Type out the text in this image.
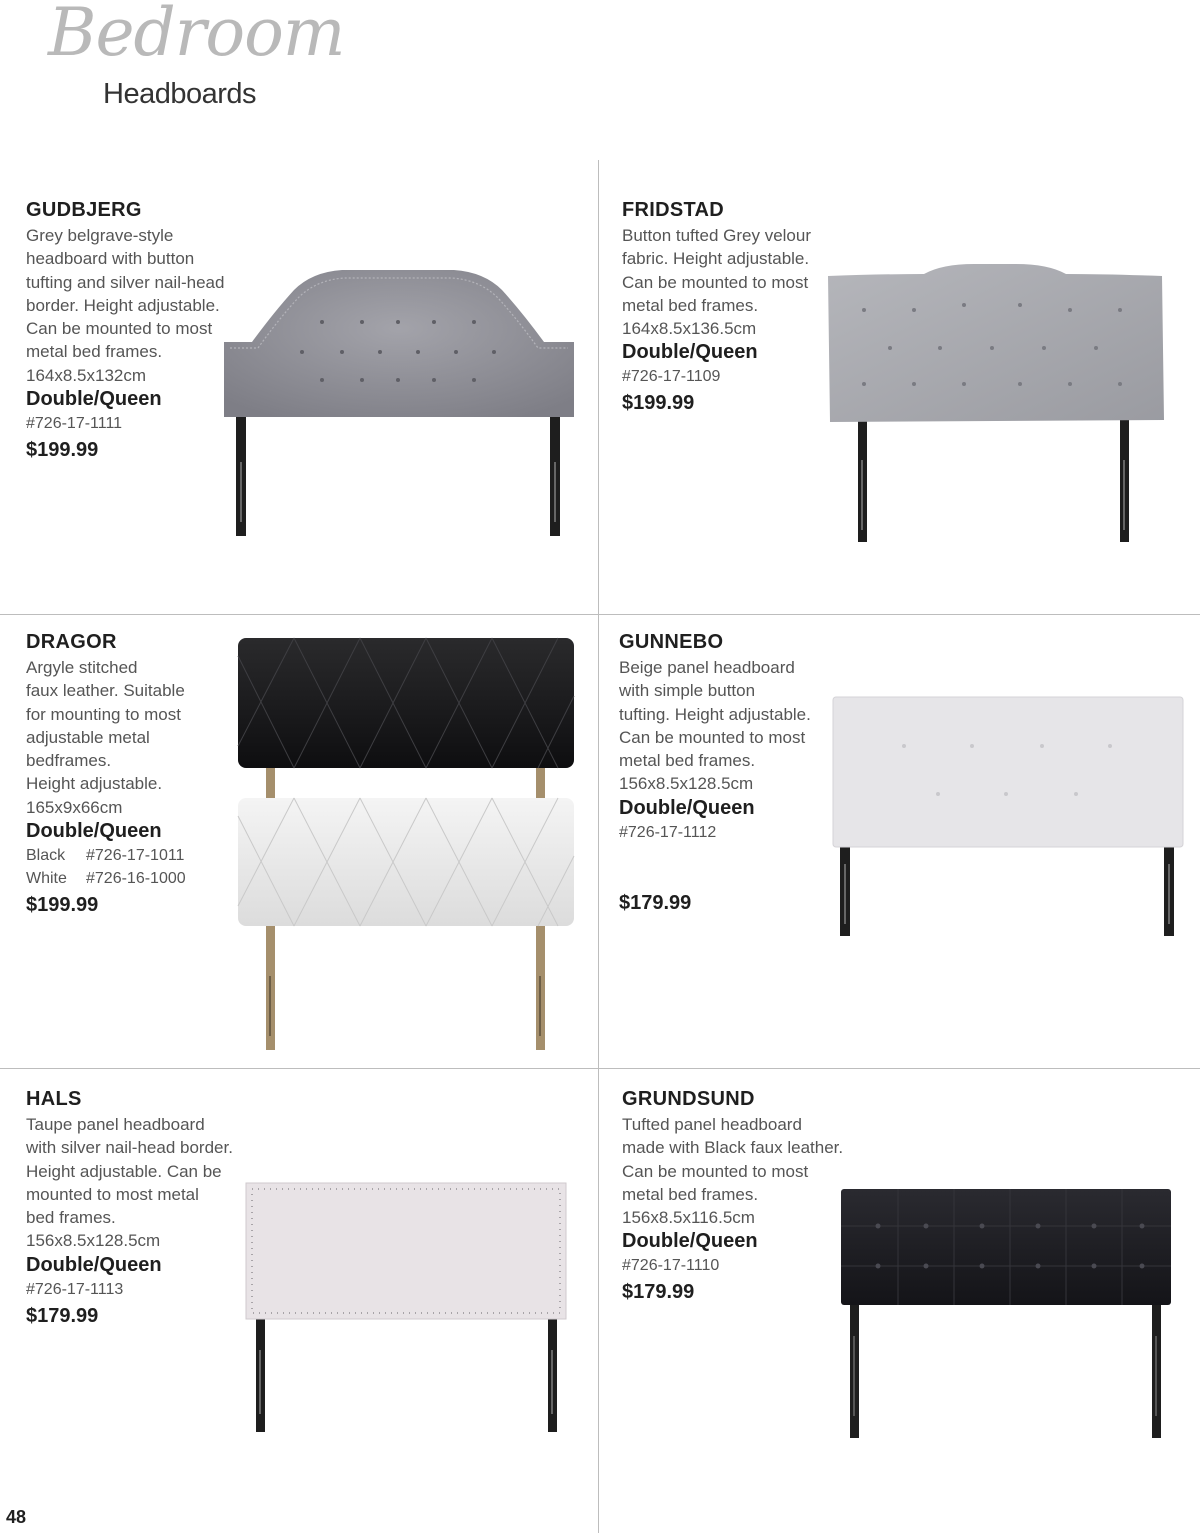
Bedroom
Headboards
GUDBJERG
Grey belgrave-style
headboard with button
tufting and silver nail-head
border. Height adjustable.
Can be mounted to most
metal bed frames.
164x8.5x132cm
Double/Queen
#726-17-1111
$199.99
FRIDSTAD
Button tufted Grey velour
fabric. Height adjustable.
Can be mounted to most
metal bed frames.
164x8.5x136.5cm
Double/Queen
#726-17-1109
$199.99
DRAGOR
Argyle stitched
faux leather. Suitable
for mounting to most
adjustable metal
bedframes.
Height adjustable.
165x9x66cm
Double/Queen
Black #726-17-1011
White #726-16-1000
$199.99
GUNNEBO
Beige panel headboard
with simple button
tufting. Height adjustable.
Can be mounted to most
metal bed frames.
156x8.5x128.5cm
Double/Queen
#726-17-1112
$179.99
HALS
Taupe panel headboard
with silver nail-head border.
Height adjustable. Can be
mounted to most metal
bed frames.
156x8.5x128.5cm
Double/Queen
#726-17-1113
$179.99
GRUNDSUND
Tufted panel headboard
made with Black faux leather.
Can be mounted to most
metal bed frames.
156x8.5x116.5cm
Double/Queen
#726-17-1110
$179.99
48
